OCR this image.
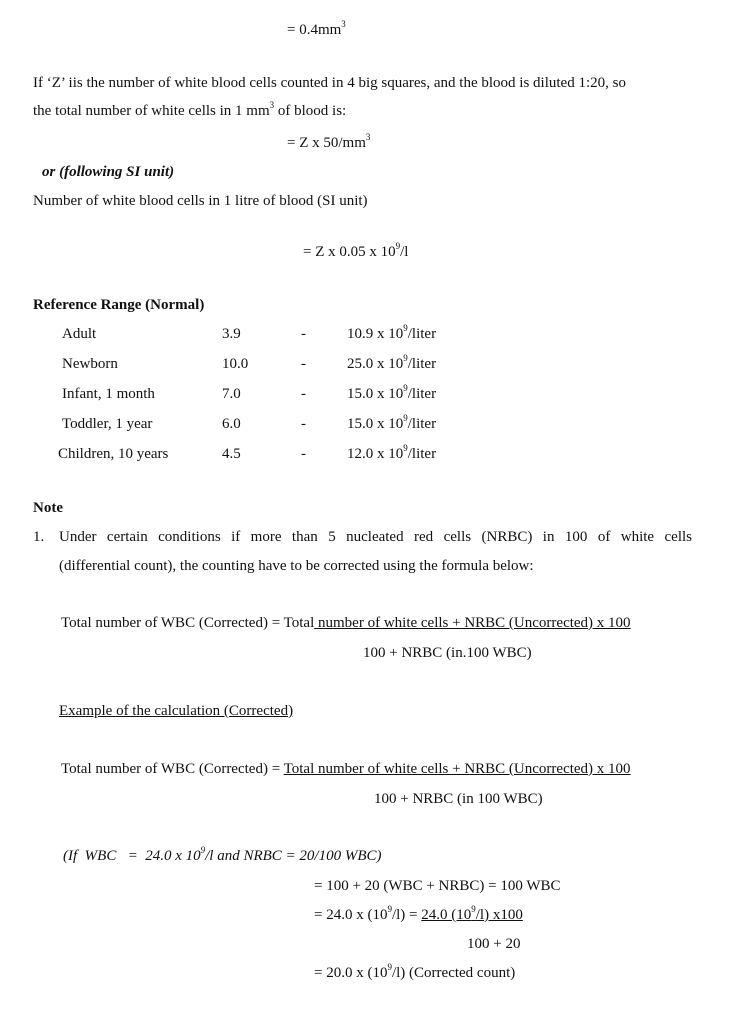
= $0.4mm^3$
If ‘Z’ iis the number of white blood cells counted in 4 big squares, and the blood is diluted 1:20, so
the total number of white cells in 1 $mm^3$ of blood is:
= Z x $50/mm^3$
or (following SI unit)
Number of white blood cells in 1 litre of blood (SI unit)
= Z x 0.05 x $10^9/l$
Reference Range (Normal)
Adult	3.9	-	10.9 x $10^9$/liter
Newborn	10.0	-	25.0 x $10^9$/liter
Infant, 1 month	7.0	-	15.0 x $10^9$/liter
Toddler, 1 year	6.0	-	15.0 x $10^9$/liter
Children, 10 years	4.5	-	12.0 x $10^9$/liter
Note
1. Under certain conditions if more than 5 nucleated red cells (NRBC) in 100 of white cells
(differential count), the counting have to be corrected using the formula below:
Total number of WBC (Corrected) = Total number of white cells + NRBC (Uncorrected) x 100
100 + NRBC (in.100 WBC)
Example of the calculation (Corrected)
Total number of WBC (Corrected) = Total number of white cells + NRBC (Uncorrected) x 100
100 + NRBC (in 100 WBC)
(If  WBC   =  24.0 x $10^9/l$ and NRBC = 20/100 WBC)
= 100 + 20 (WBC + NRBC) = 100 WBC
= 24.0 x $(10^9/l) = 24.0$ $(10^9/l)$ x100
100 + 20
= 20.0 x $(10^9/l)$ (Corrected count)
